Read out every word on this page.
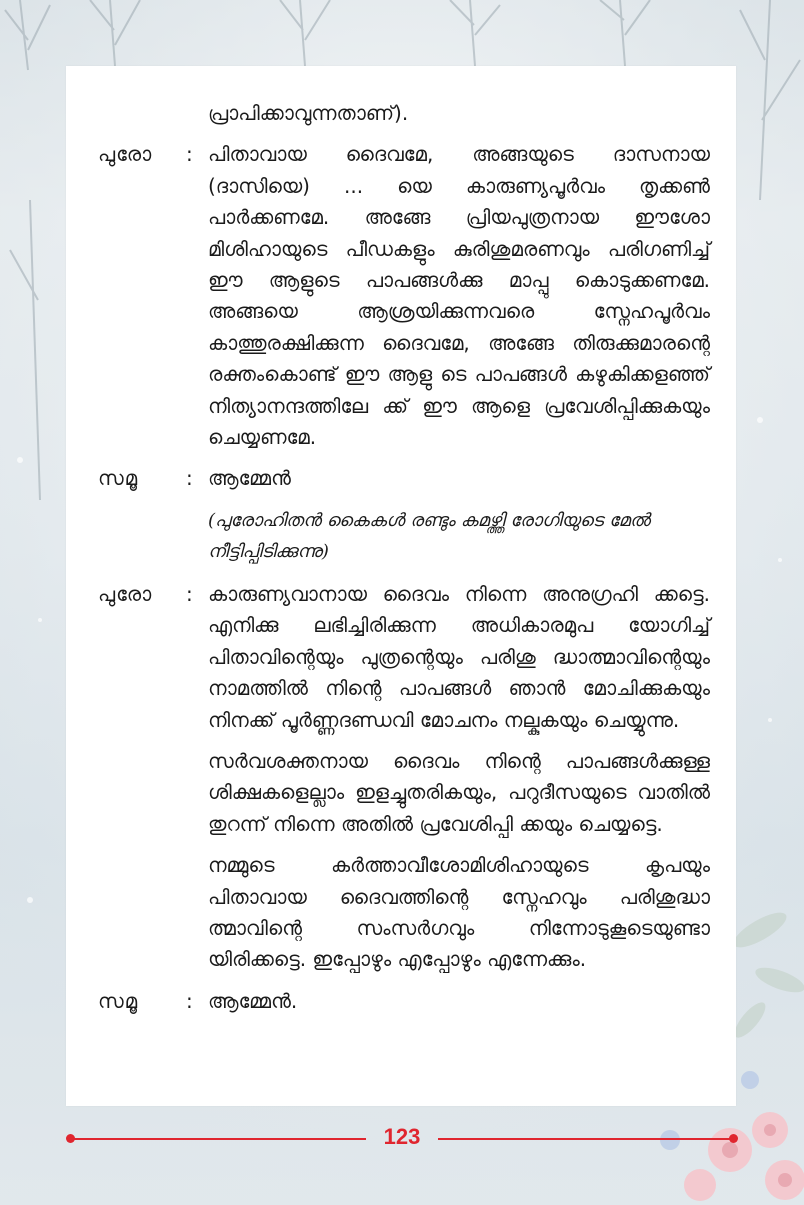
പ്രാപിക്കാവുന്നതാണ്).
പുരോ	: പിതാവായ ദൈവമേ, അങ്ങയുടെ ദാസനായ (ദാസിയെ) ... യെ കാരുണ്യപൂർവം തൃക്കൺ പാർക്കണമേ. അങ്ങേ പ്രിയപുത്രനായ ഈശോ മിശിഹായുടെ പീഡകളും കുരിശുമരണവും പരിഗണിച്ച് ഈ ആളുടെ പാപങ്ങൾക്കു മാപ്പു കൊടുക്കണമേ. അങ്ങയെ ആശ്രയിക്കുന്നവരെ സ്നേഹപൂർവം കാത്തുരക്ഷിക്കുന്ന ദൈവമേ, അങ്ങേ തിരുക്കുമാരന്റെ രക്തംകൊണ്ട് ഈ ആളു ടെ പാപങ്ങൾ കഴുകിക്കളഞ്ഞ് നിത്യാനന്ദത്തിലേ ക്ക് ഈ ആളെ പ്രവേശിപ്പിക്കുകയും ചെയ്യണമേ.
സമൂ	: ആമ്മേൻ
(പുരോഹിതൻ കൈകൾ രണ്ടും കമഴ്ത്തി രോഗിയുടെ മേൽ നീട്ടിപ്പിടിക്കുന്നു)
പുരോ	: കാരുണ്യവാനായ ദൈവം നിന്നെ അനുഗ്രഹി ക്കട്ടെ. എനിക്കു ലഭിച്ചിരിക്കുന്ന അധികാരമുപ യോഗിച്ച് പിതാവിന്റെയും പുത്രന്റെയും പരിശു ദ്ധാത്മാവിന്റെയും നാമത്തിൽ നിന്റെ പാപങ്ങൾ ഞാൻ മോചിക്കുകയും നിനക്ക് പൂർണ്ണദണ്ഡവി മോചനം നല്കുകയും ചെയ്യുന്നു.
സർവശക്തനായ ദൈവം നിന്റെ പാപങ്ങൾക്കുള്ള ശിക്ഷകളെല്ലാം ഇളച്ചുതരികയും, പറുദീസയുടെ വാതിൽ തുറന്ന് നിന്നെ അതിൽ പ്രവേശിപ്പി ക്കയും ചെയ്യട്ടെ.
നമ്മുടെ കർത്താവീശോമിശിഹായുടെ കൃപയും പിതാവായ ദൈവത്തിന്റെ സ്നേഹവും പരിശുദ്ധാ ത്മാവിന്റെ സംസർഗവും നിന്നോടുകൂടെയുണ്ടാ യിരിക്കട്ടെ. ഇപ്പോഴും എപ്പോഴും എന്നേക്കും.
സമൂ	: ആമ്മേൻ.
123
